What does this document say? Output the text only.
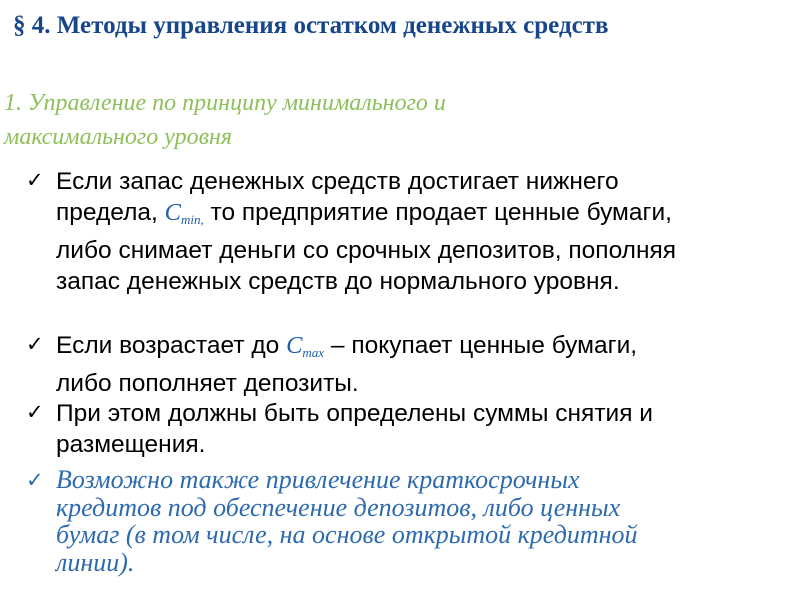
§ 4. Методы управления остатком денежных средств
1. Управление по принципу минимального и
максимального уровня
✓ Если запас денежных средств достигает нижнего
предела, $C_{min,}$ то предприятие продает ценные бумаги,
либо снимает деньги со срочных депозитов, пополняя
запас денежных средств до нормального уровня.
✓ Если возрастает до $C_{max}$ – покупает ценные бумаги,
либо пополняет депозиты.
✓ При этом должны быть определены суммы снятия и
размещения.
✓ Возможно также привлечение краткосрочных
кредитов под обеспечение депозитов, либо ценных
бумаг (в том числе, на основе открытой кредитной
линии).
